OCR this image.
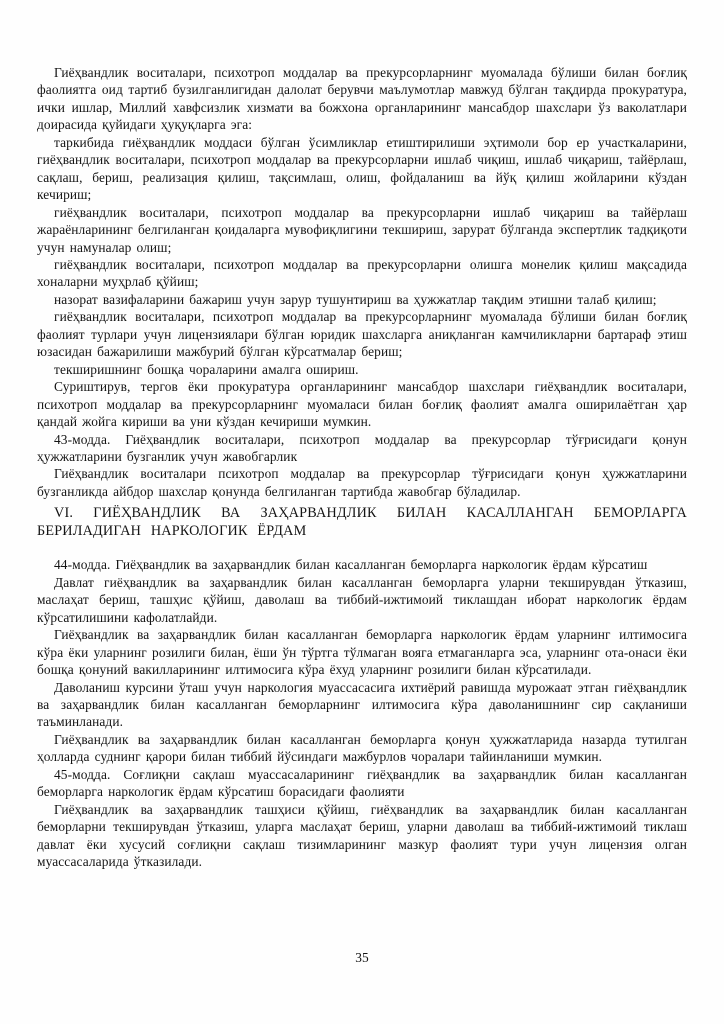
Гиёҳвандлик воситалари, психотроп моддалар ва прекурсорларнинг муомалада бўлиши билан боғлиқ фаолиятга оид тартиб бузилганлигидан далолат берувчи маълумотлар мавжуд бўлган тақдирда прокуратура, ички ишлар, Миллий хавфсизлик хизмати ва божхона органларининг мансабдор шахслари ўз ваколатлари доирасида қуйидаги ҳуқуқларга эга:

таркибида гиёҳвандлик моддаси бўлган ўсимликлар етиштирилиши эҳтимоли бор ер участкаларини, гиёҳвандлик воситалари, психотроп моддалар ва прекурсорларни ишлаб чиқиш, ишлаб чиқариш, тайёрлаш, сақлаш, бериш, реализация қилиш, тақсимлаш, олиш, фойдаланиш ва йўқ қилиш жойларини кўздан кечириш;

гиёҳвандлик воситалари, психотроп моддалар ва прекурсорларни ишлаб чиқариш ва тайёрлаш жараёнларининг белгиланган қоидаларга мувофиқлигини текшириш, зарурат бўлганда экспертлик тадқиқоти учун намуналар олиш;

гиёҳвандлик воситалари, психотроп моддалар ва прекурсорларни олишга монелик қилиш мақсадида хоналарни муҳрлаб қўйиш;

назорат вазифаларини бажариш учун зарур тушунтириш ва ҳужжатлар тақдим этишни талаб қилиш;

гиёҳвандлик воситалари, психотроп моддалар ва прекурсорларнинг муомалада бўлиши билан боғлиқ фаолият турлари учун лицензиялари бўлган юридик шахсларга аниқланган камчиликларни бартараф этиш юзасидан бажарилиши мажбурий бўлган кўрсатмалар бериш;

текширишнинг бошқа чораларини амалга ошириш.

Суриштирув, тергов ёки прокуратура органларининг мансабдор шахслари гиёҳвандлик воситалари, психотроп моддалар ва прекурсорларнинг муомаласи билан боғлиқ фаолият амалга оширилаётган ҳар қандай жойга кириши ва уни кўздан кечириши мумкин.

43-модда. Гиёҳвандлик воситалари, психотроп моддалар ва прекурсорлар тўғрисидаги қонун ҳужжатларини бузганлик учун жавобгарлик

Гиёҳвандлик воситалари психотроп моддалар ва прекурсорлар тўғрисидаги қонун ҳужжатларини бузганликда айбдор шахслар қонунда белгиланган тартибда жавобгар бўладилар.

VI. ГИЁҲВАНДЛИК ВА ЗАҲАРВАНДЛИК БИЛАН КАСАЛЛАНГАН БЕМОРЛАРГА БЕРИЛАДИГАН НАРКОЛОГИК ЁРДАМ

44-модда. Гиёҳвандлик ва заҳарвандлик билан касалланган беморларга наркологик ёрдам кўрсатиш

Давлат гиёҳвандлик ва заҳарвандлик билан касалланган беморларга уларни текширувдан ўтказиш, маслаҳат бериш, ташҳис қўйиш, даволаш ва тиббий-ижтимоий тиклашдан иборат наркологик ёрдам кўрсатилишини кафолатлайди.

Гиёҳвандлик ва заҳарвандлик билан касалланган беморларга наркологик ёрдам уларнинг илтимосига кўра ёки уларнинг розилиги билан, ёши ўн тўртга тўлмаган вояга етмаганларга эса, уларнинг ота-онаси ёки бошқа қонуний вакилларининг илтимосига кўра ёхуд уларнинг розилиги билан кўрсатилади.

Даволаниш курсини ўташ учун наркология муассасасига ихтиёрий равишда мурожаат этган гиёҳвандлик ва заҳарвандлик билан касалланган беморларнинг илтимосига кўра даволанишнинг сир сақланиши таъминланади.

Гиёҳвандлик ва заҳарвандлик билан касалланган беморларга қонун ҳужжатларида назарда тутилган ҳолларда суднинг қарори билан тиббий йўсиндаги мажбурлов чоралари тайинланиши мумкин.

45-модда. Соғлиқни сақлаш муассасаларининг гиёҳвандлик ва заҳарвандлик билан касалланган беморларга наркологик ёрдам кўрсатиш борасидаги фаолияти

Гиёҳвандлик ва заҳарвандлик ташҳиси қўйиш, гиёҳвандлик ва заҳарвандлик билан касалланган беморларни текширувдан ўтказиш, уларга маслаҳат бериш, уларни даволаш ва тиббий-ижтимоий тиклаш давлат ёки хусусий соғлиқни сақлаш тизимларининг мазкур фаолият тури учун лицензия олган муассасаларида ўтказилади.

35
